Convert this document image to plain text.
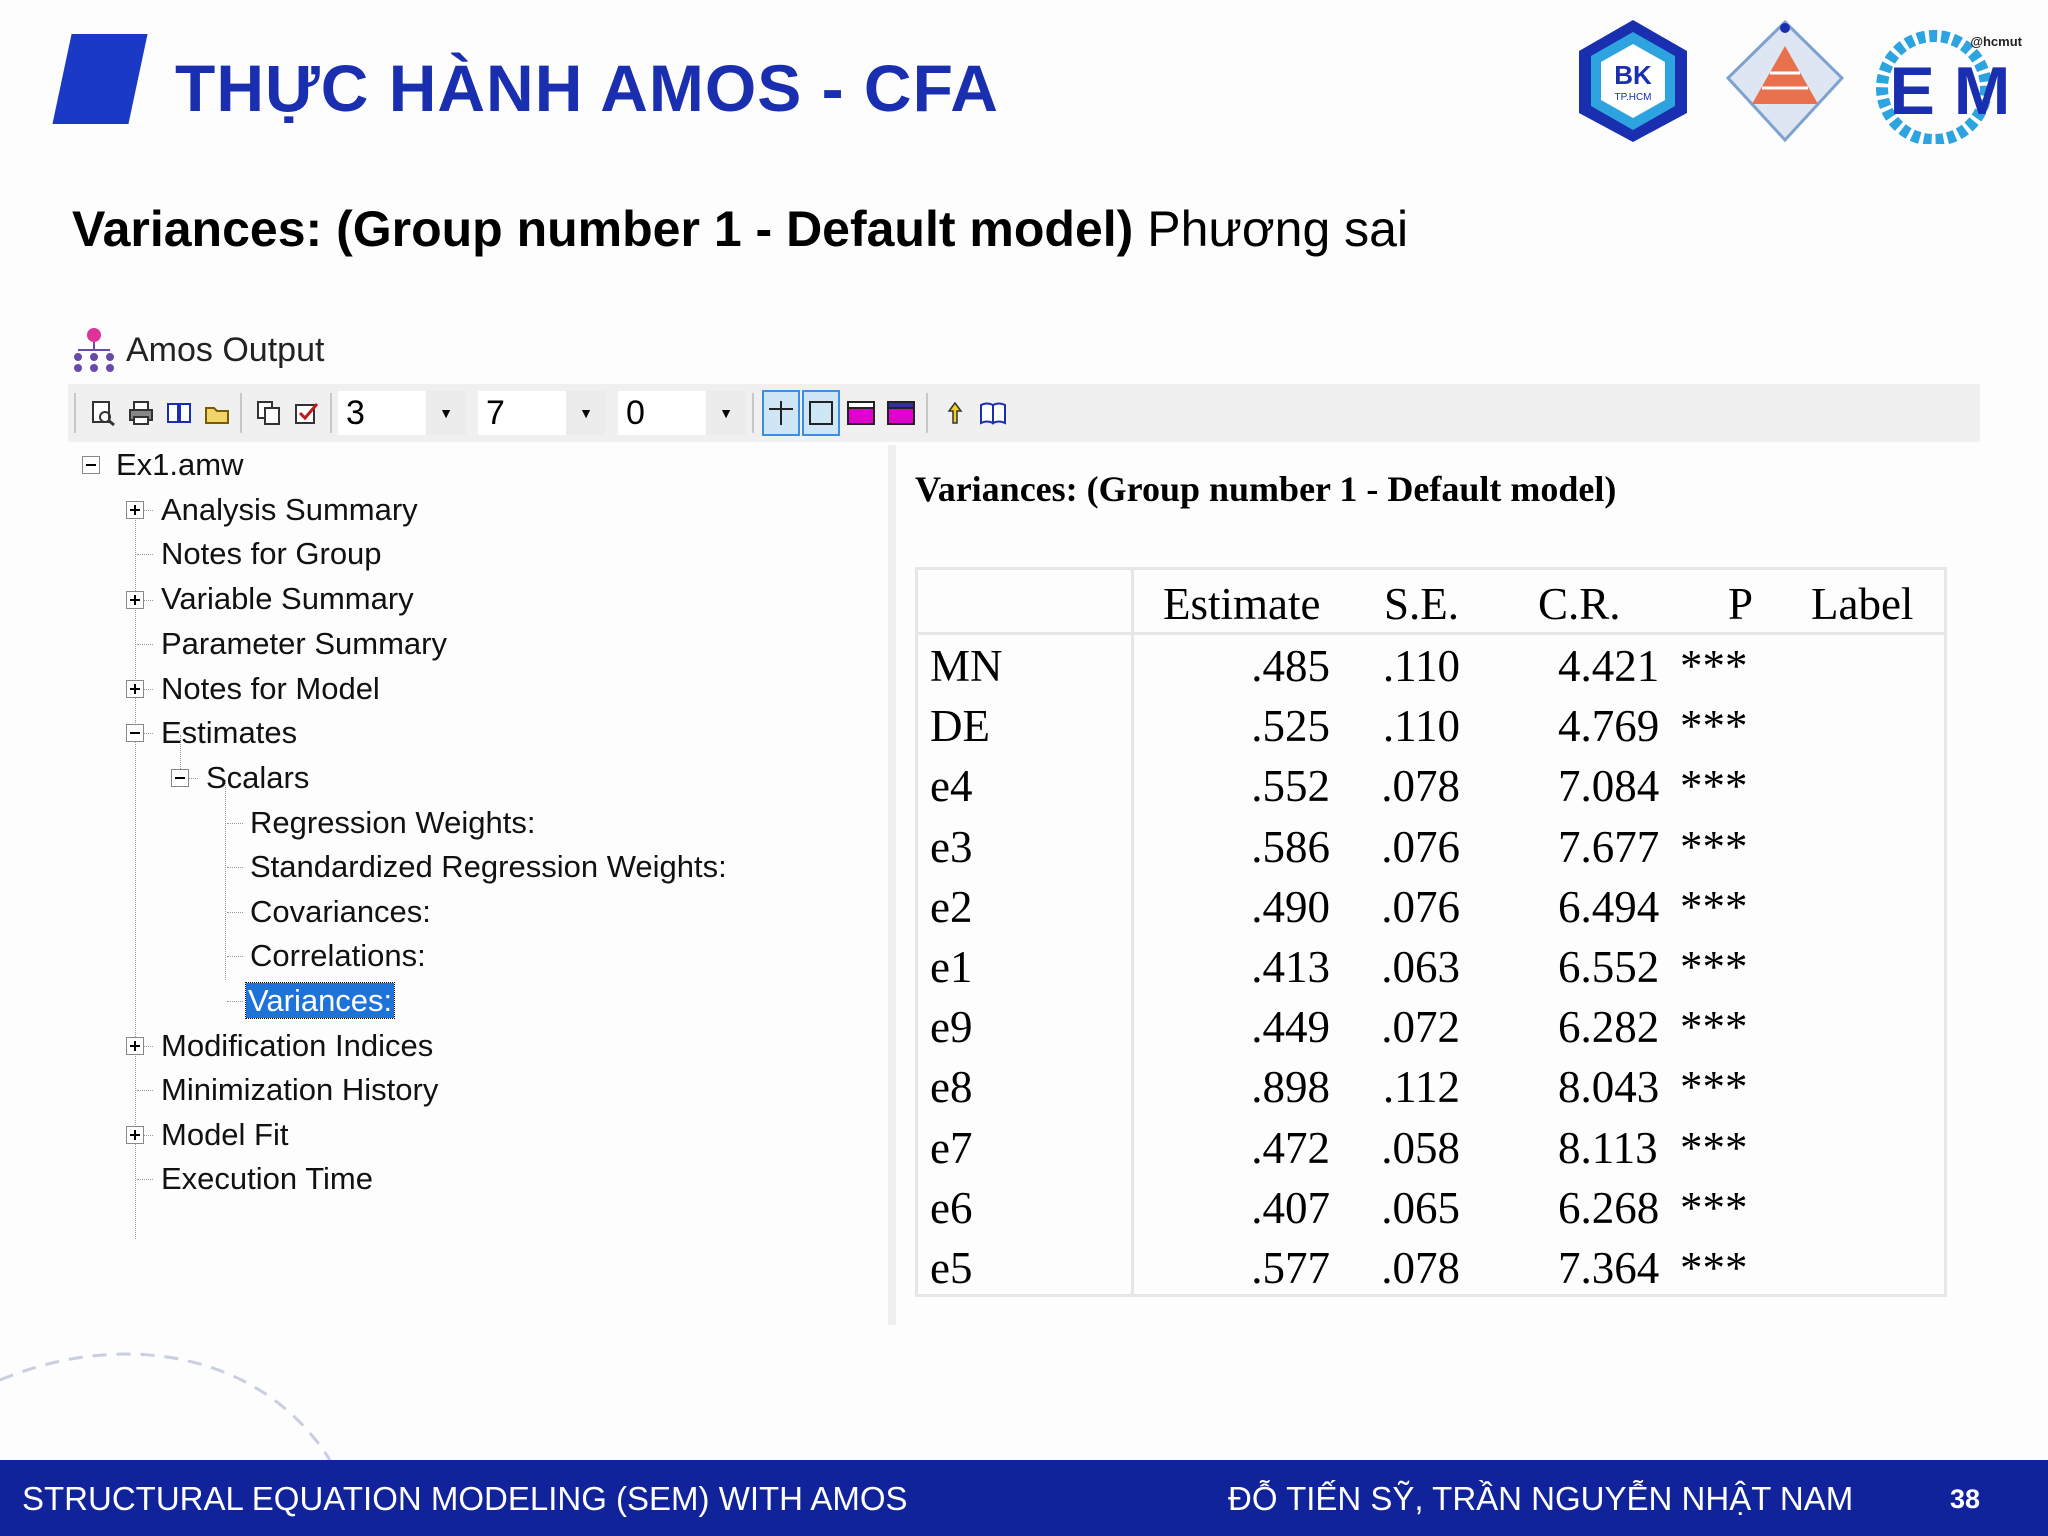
THỰC HÀNH AMOS - CFA	BK
TP.HCM	E M
@hcmut
Variances: (Group number 1 - Default model) Phương sai
Amos Output
3	▼ 7	▼ 0	▼
Ex1.amw
Analysis Summary
Notes for Group
Variable Summary
Parameter Summary
Notes for Model
Estimates
Scalars
Regression Weights:
Standardized Regression Weights:
Covariances:
Correlations:
Variances:
Modification Indices
Minimization History
Model Fit
Execution Time
Variances: (Group number 1 - Default model)
Estimate S.E. C.R. P Label
MN	.485 .110 4.421 ***
DE	.525 .110 4.769 ***
e4	.552 .078 7.084 ***
e3	.586 .076 7.677 ***
e2	.490 .076 6.494 ***
e1	.413 .063 6.552 ***
e9	.449 .072 6.282 ***
e8	.898 .112 8.043 ***
e7	.472 .058 8.113 ***
e6	.407 .065 6.268 ***
e5	.577 .078 7.364 ***
STRUCTURAL EQUATION MODELING (SEM) WITH AMOS	ĐỖ TIẾN SỸ, TRẦN NGUYỄN NHẬT NAM	38
